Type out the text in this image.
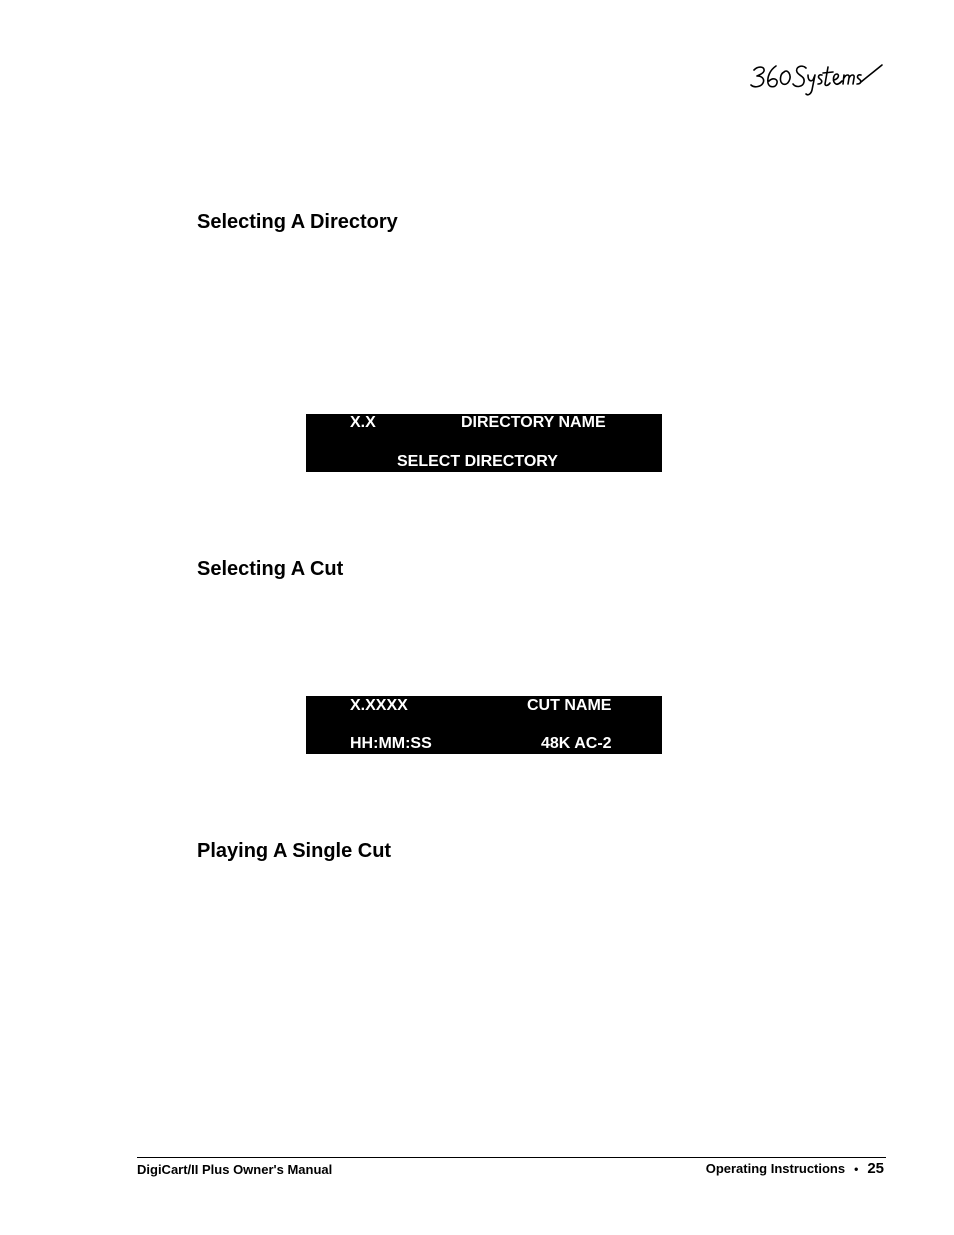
Selecting A Directory
X.X	DIRECTORY NAME
SELECT DIRECTORY
Selecting A Cut
X.XXXX	CUT NAME
HH:MM:SS	48K AC-2
Playing A Single Cut
DigiCart/II Plus Owner's Manual	Operating Instructions • 25
